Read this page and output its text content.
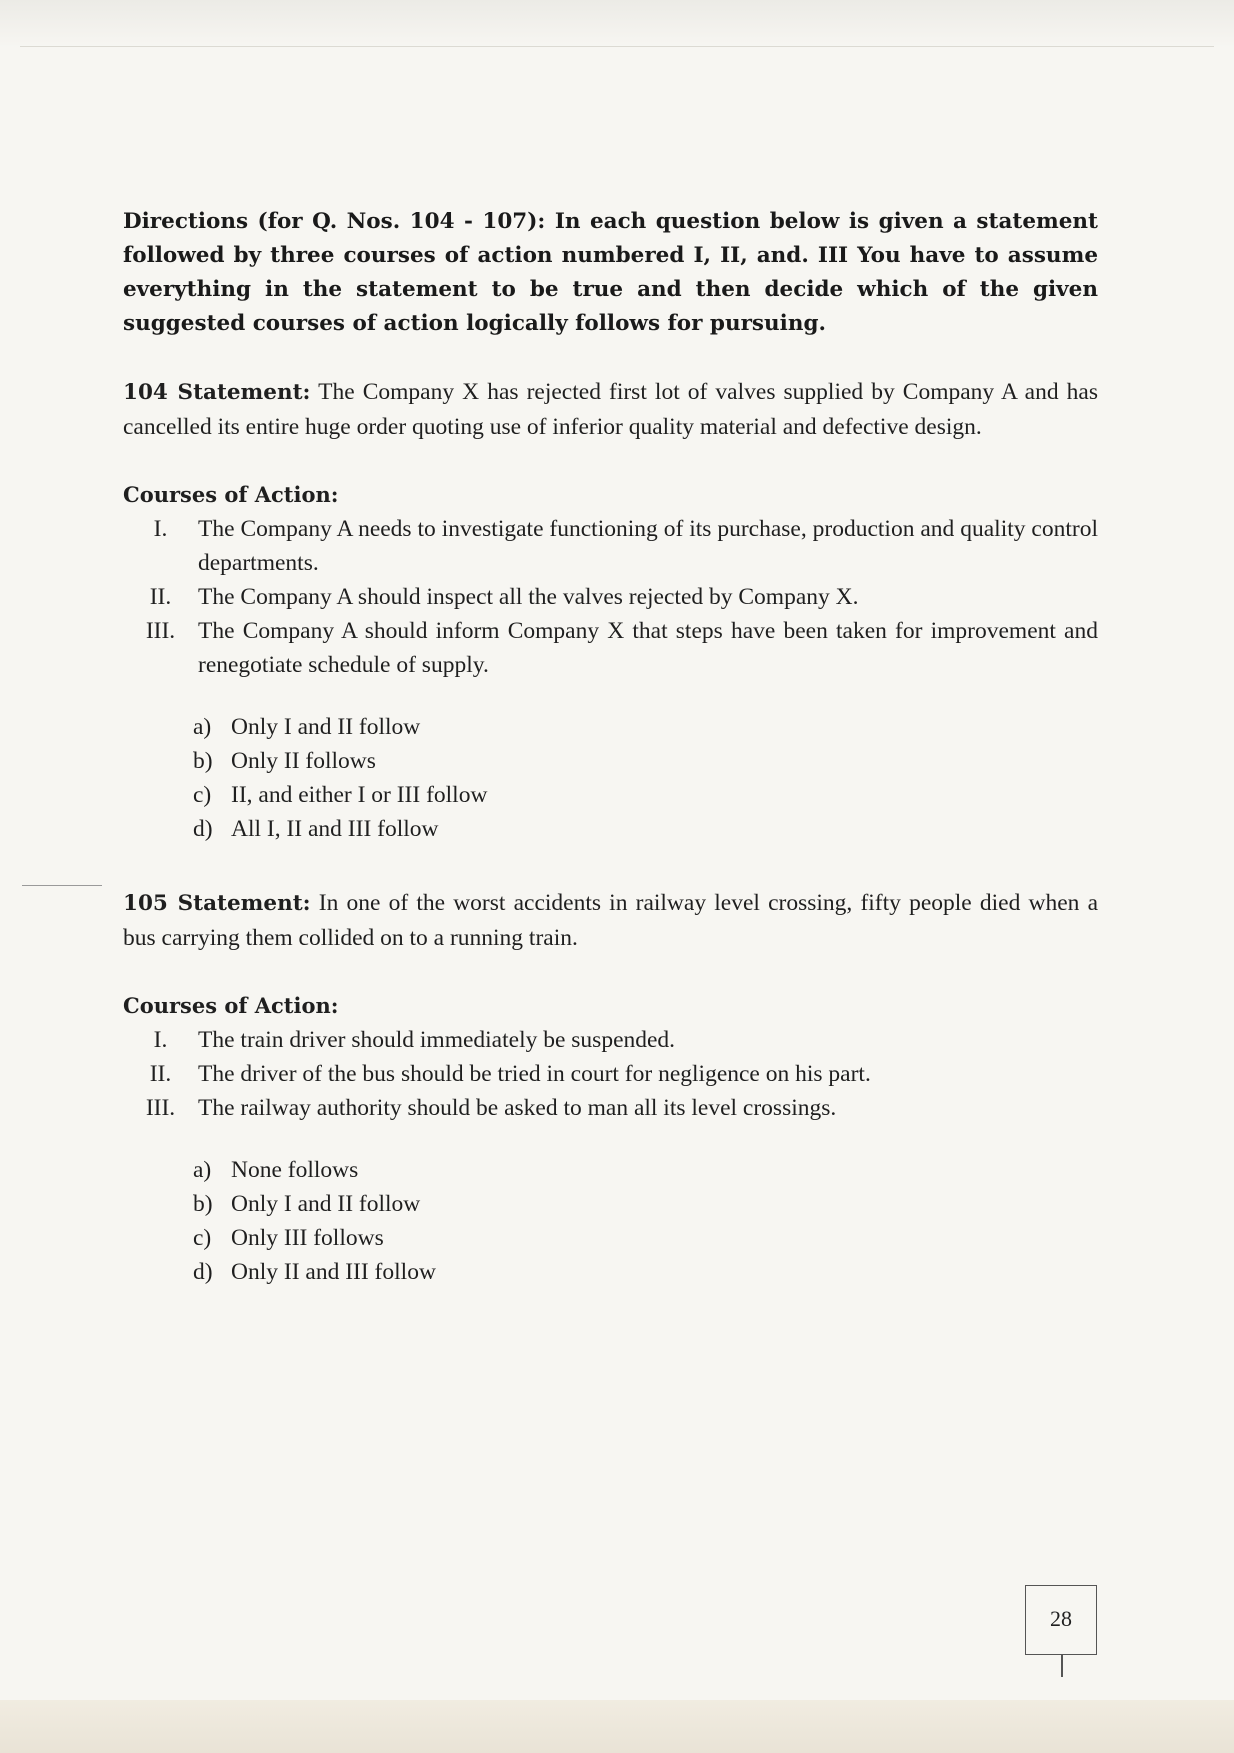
Directions (for Q. Nos. 104 - 107): In each question below is given a statement followed by three courses of action numbered I, II, and. III You have to assume everything in the statement to be true and then decide which of the given suggested courses of action logically follows for pursuing.

104 Statement: The Company X has rejected first lot of valves supplied by Company A and has cancelled its entire huge order quoting use of inferior quality material and defective design.

Courses of Action:

I.	The Company A needs to investigate functioning of its purchase, production and quality control departments.
II.	The Company A should inspect all the valves rejected by Company X.
III. The Company A should inform Company X that steps have been taken for improvement and renegotiate schedule of supply.
a) Only I and II follow
b) Only II follows
c) II, and either I or III follow
d) All I, II and III follow

105 Statement: In one of the worst accidents in railway level crossing, fifty people died when a bus carrying them collided on to a running train.

Courses of Action:

I.	The train driver should immediately be suspended.
II.	The driver of the bus should be tried in court for negligence on his part.
III. The railway authority should be asked to man all its level crossings.
a) None follows
b) Only I and II follow
c) Only III follows
d) Only II and III follow
28
